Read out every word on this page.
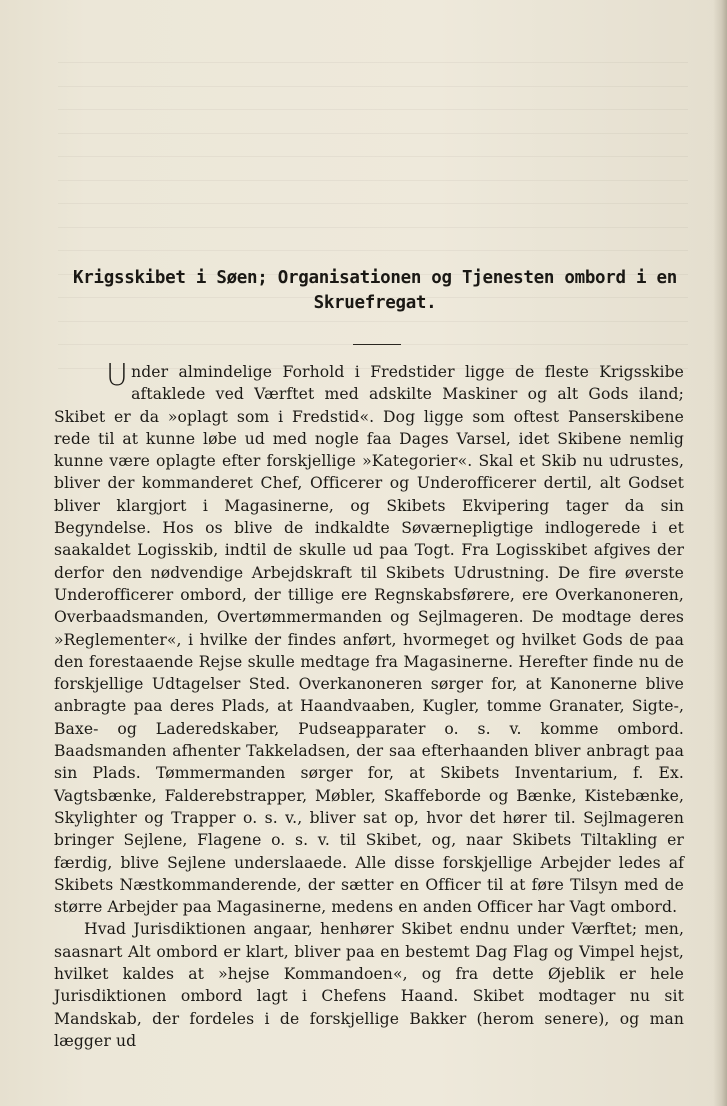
Krigsskibet i Søen; Organisationen og Tjenesten ombord i en Skruefregat.

Under almindelige Forhold i Fredstider ligge de fleste Krigsskibe aftaklede ved Værftet med adskilte Maskiner og alt Gods iland; Skibet er da »oplagt som i Fredstid«. Dog ligge som oftest Panserskibene rede til at kunne løbe ud med nogle faa Dages Varsel, idet Skibene nemlig kunne være oplagte efter forskjellige »Kategorier«. Skal et Skib nu udrustes, bliver der kommanderet Chef, Officerer og Underofficerer dertil, alt Godset bliver klargjort i Magasinerne, og Skibets Ekvipering tager da sin Begyndelse. Hos os blive de indkaldte Søværnepligtige indlogerede i et saakaldet Logisskib, indtil de skulle ud paa Togt. Fra Logisskibet afgives der derfor den nødvendige Arbejdskraft til Skibets Udrustning. De fire øverste Underofficerer ombord, der tillige ere Regnskabsførere, ere Overkanoneren, Overbaadsmanden, Overtømmermanden og Sejlmageren. De modtage deres »Reglementer«, i hvilke der findes anført, hvormeget og hvilket Gods de paa den forestaaende Rejse skulle medtage fra Magasinerne. Herefter finde nu de forskjellige Udtagelser Sted. Overkanoneren sørger for, at Kanonerne blive anbragte paa deres Plads, at Haandvaaben, Kugler, tomme Granater, Sigte-, Baxe- og Laderedskaber, Pudseapparater o. s. v. komme ombord. Baadsmanden afhenter Takkeladsen, der saa efterhaanden bliver anbragt paa sin Plads. Tømmermanden sørger for, at Skibets Inventarium, f. Ex. Vagtsbænke, Falderebstrapper, Møbler, Skaffeborde og Bænke, Kistebænke, Skylighter og Trapper o. s. v., bliver sat op, hvor det hører til. Sejlmageren bringer Sejlene, Flagene o. s. v. til Skibet, og, naar Skibets Tiltakling er færdig, blive Sejlene underslaaede. Alle disse forskjellige Arbejder ledes af Skibets Næstkommanderende, der sætter en Officer til at føre Tilsyn med de større Arbejder paa Magasinerne, medens en anden Officer har Vagt ombord.

Hvad Jurisdiktionen angaar, henhører Skibet endnu under Værftet; men, saasnart Alt ombord er klart, bliver paa en bestemt Dag Flag og Vimpel hejst, hvilket kaldes at »hejse Kommandoen«, og fra dette Øjeblik er hele Jurisdiktionen ombord lagt i Chefens Haand. Skibet modtager nu sit Mandskab, der fordeles i de forskjellige Bakker (herom senere), og man lægger ud
